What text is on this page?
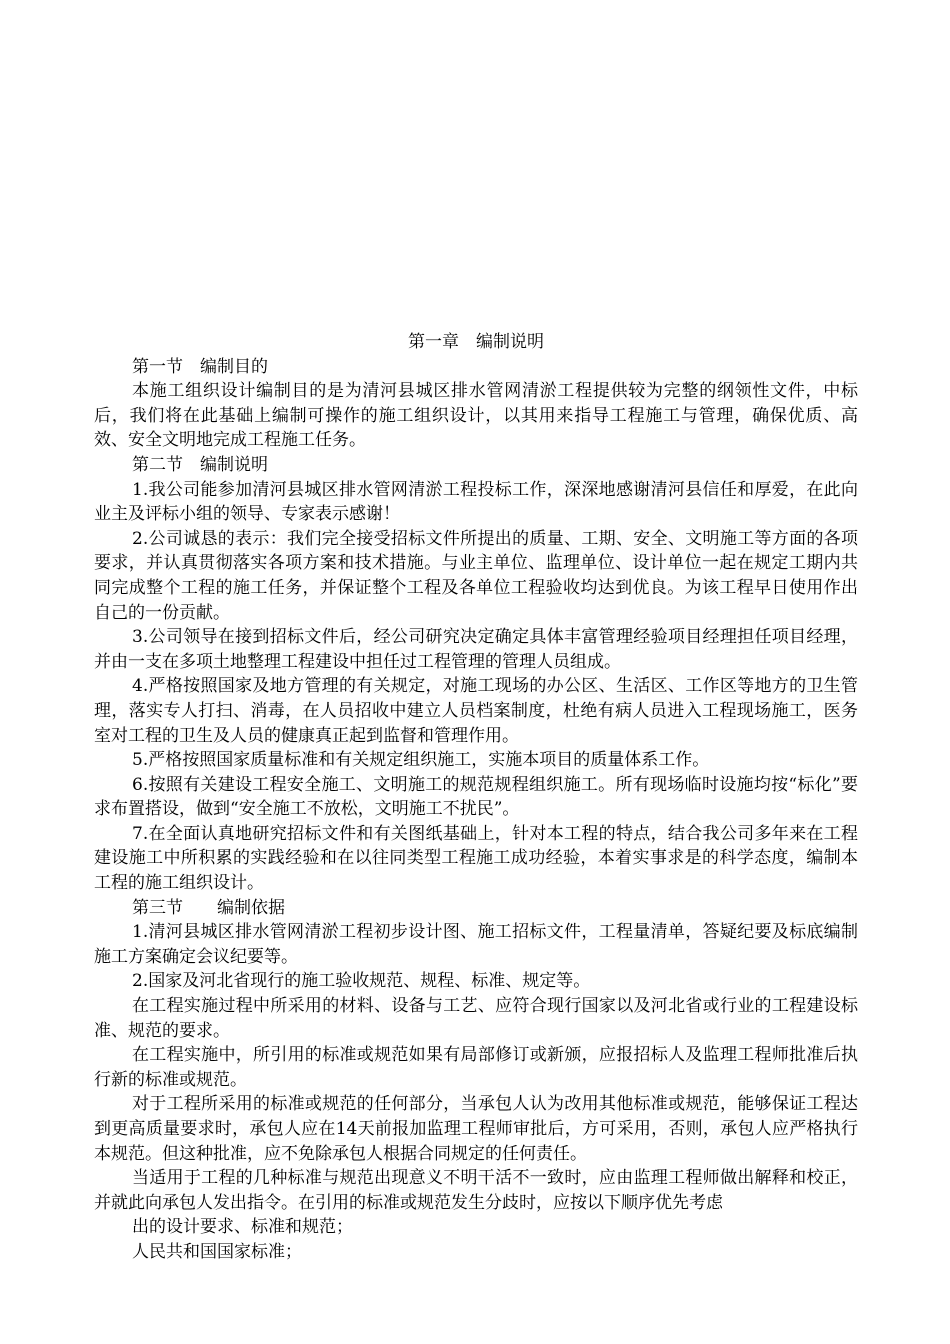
第一章　编制说明

第一节　编制目的

本施工组织设计编制目的是为清河县城区排水管网清淤工程提供较为完整的纲领性文件，中标后，我们将在此基础上编制可操作的施工组织设计，以其用来指导工程施工与管理，确保优质、高效、安全文明地完成工程施工任务。

第二节　编制说明

1.我公司能参加清河县城区排水管网清淤工程投标工作，深深地感谢清河县信任和厚爱，在此向业主及评标小组的领导、专家表示感谢！

2.公司诚恳的表示：我们完全接受招标文件所提出的质量、工期、安全、文明施工等方面的各项要求，并认真贯彻落实各项方案和技术措施。与业主单位、监理单位、设计单位一起在规定工期内共同完成整个工程的施工任务，并保证整个工程及各单位工程验收均达到优良。为该工程早日使用作出自己的一份贡献。

3.公司领导在接到招标文件后，经公司研究决定确定具体丰富管理经验项目经理担任项目经理，并由一支在多项土地整理工程建设中担任过工程管理的管理人员组成。

4.严格按照国家及地方管理的有关规定，对施工现场的办公区、生活区、工作区等地方的卫生管理，落实专人打扫、消毒，在人员招收中建立人员档案制度，杜绝有病人员进入工程现场施工，医务室对工程的卫生及人员的健康真正起到监督和管理作用。

5.严格按照国家质量标准和有关规定组织施工，实施本项目的质量体系工作。

6.按照有关建设工程安全施工、文明施工的规范规程组织施工。所有现场临时设施均按“标化”要求布置搭设，做到“安全施工不放松，文明施工不扰民”。

7.在全面认真地研究招标文件和有关图纸基础上，针对本工程的特点，结合我公司多年来在工程建设施工中所积累的实践经验和在以往同类型工程施工成功经验，本着实事求是的科学态度，编制本工程的施工组织设计。

第三节　　编制依据

1.清河县城区排水管网清淤工程初步设计图、施工招标文件，工程量清单，答疑纪要及标底编制施工方案确定会议纪要等。

2.国家及河北省现行的施工验收规范、规程、标准、规定等。

在工程实施过程中所采用的材料、设备与工艺、应符合现行国家以及河北省或行业的工程建设标准、规范的要求。

在工程实施中，所引用的标准或规范如果有局部修订或新颁，应报招标人及监理工程师批准后执行新的标准或规范。

对于工程所采用的标准或规范的任何部分，当承包人认为改用其他标准或规范，能够保证工程达到更高质量要求时，承包人应在14天前报加监理工程师审批后，方可采用，否则，承包人应严格执行本规范。但这种批准，应不免除承包人根据合同规定的任何责任。

当适用于工程的几种标准与规范出现意义不明干活不一致时，应由监理工程师做出解释和校正，并就此向承包人发出指令。在引用的标准或规范发生分歧时，应按以下顺序优先考虑

出的设计要求、标准和规范；

人民共和国国家标准；
